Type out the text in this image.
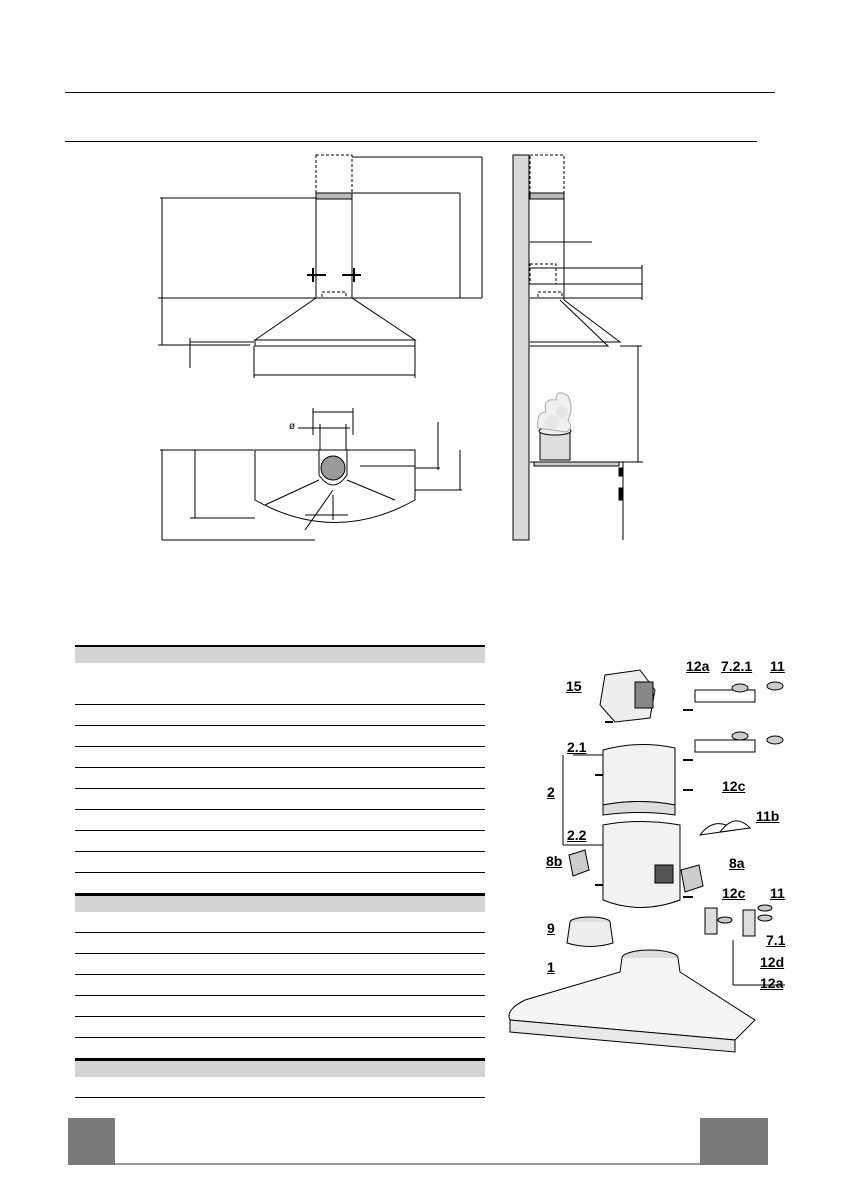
ø
15
12a 7.2.1 11
2.1
2	12c
11b
2.2
8b	8a
12c 11
9
7.1
12d
1
12a
